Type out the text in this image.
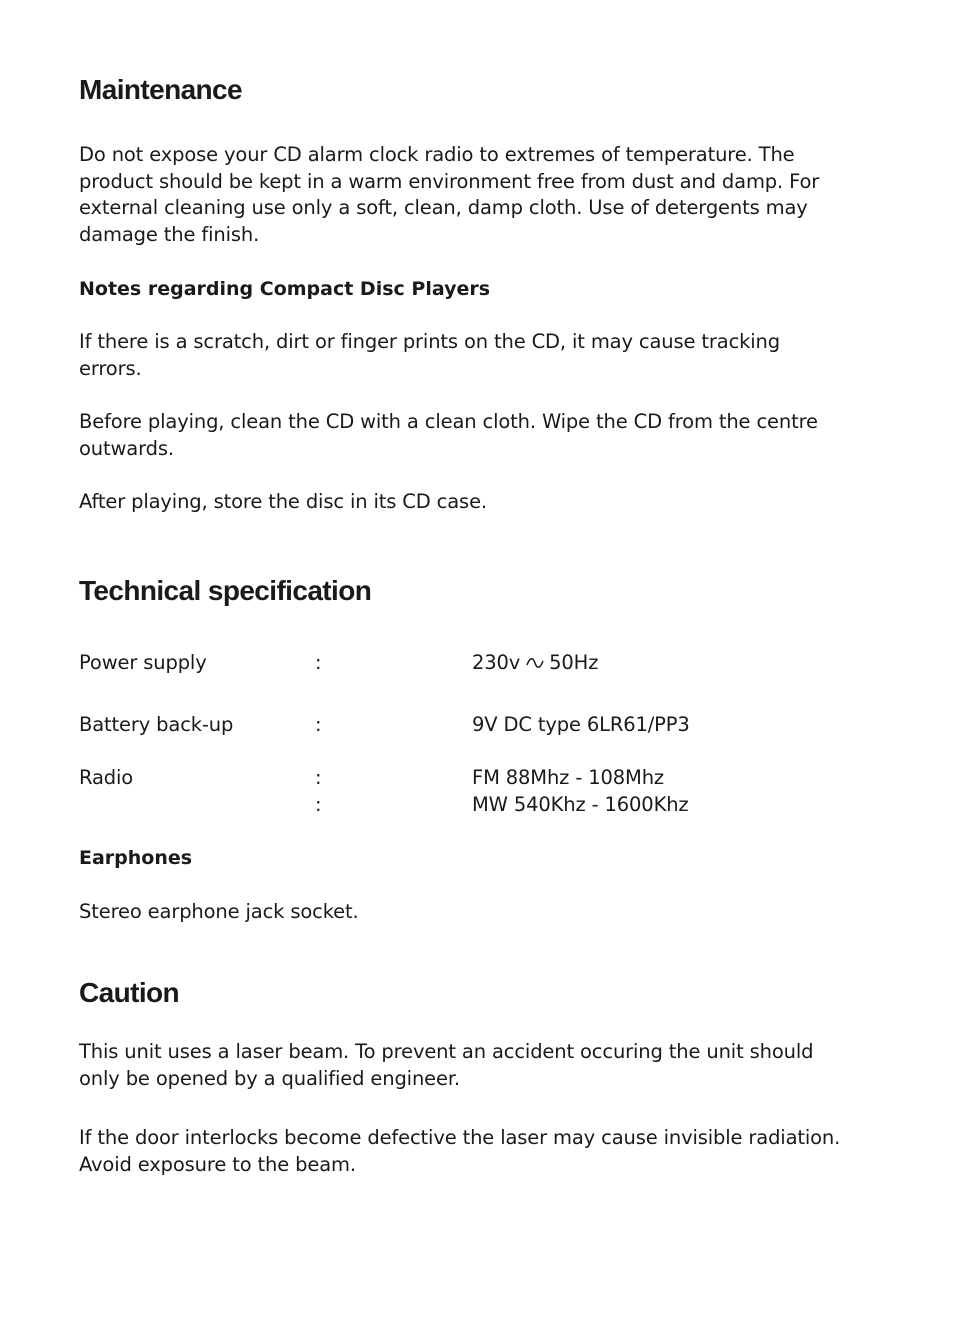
Maintenance
Do not expose your CD alarm clock radio to extremes of temperature. The
product should be kept in a warm environment free from dust and damp. For
external cleaning use only a soft, clean, damp cloth. Use of detergents may
damage the finish.
Notes regarding Compact Disc Players
If there is a scratch, dirt or finger prints on the CD, it may cause tracking
errors.
Before playing, clean the CD with a clean cloth. Wipe the CD from the centre
outwards.
After playing, store the disc in its CD case.
Technical specification
Power supply	:	230v 50Hz
Battery back-up	:	9V DC type 6LR61/PP3
Radio	:	FM 88Mhz - 108Mhz
:	MW 540Khz - 1600Khz
Earphones
Stereo earphone jack socket.
Caution
This unit uses a laser beam. To prevent an accident occuring the unit should
only be opened by a qualified engineer.
If the door interlocks become defective the laser may cause invisible radiation.
Avoid exposure to the beam.
